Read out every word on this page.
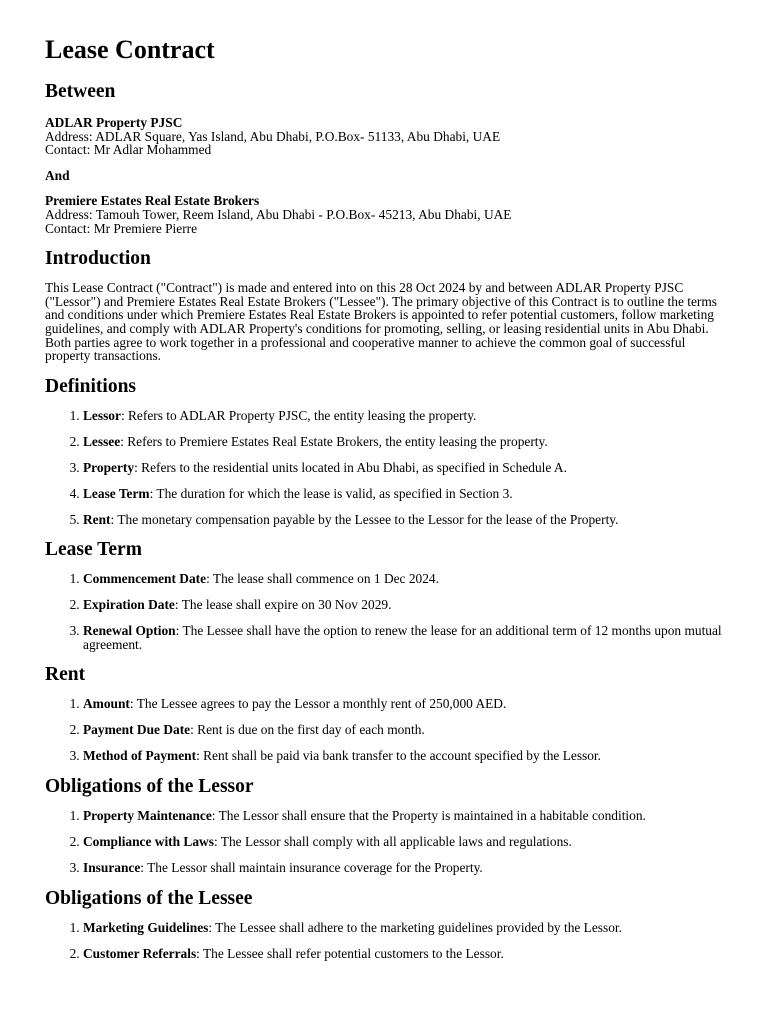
Lease Contract
Between
ADLAR Property PJSC
Address: ADLAR Square, Yas Island, Abu Dhabi, P.O.Box- 51133, Abu Dhabi, UAE
Contact: Mr Adlar Mohammed
And
Premiere Estates Real Estate Brokers
Address: Tamouh Tower, Reem Island, Abu Dhabi - P.O.Box- 45213, Abu Dhabi, UAE
Contact: Mr Premiere Pierre
Introduction

This Lease Contract ("Contract") is made and entered into on this 28 Oct 2024 by and between ADLAR Property PJSC ("Lessor") and Premiere Estates Real Estate Brokers ("Lessee"). The primary objective of this Contract is to outline the terms and conditions under which Premiere Estates Real Estate Brokers is appointed to refer potential customers, follow marketing guidelines, and comply with ADLAR Property's conditions for promoting, selling, or leasing residential units in Abu Dhabi. Both parties agree to work together in a professional and cooperative manner to achieve the common goal of successful property transactions.

Definitions
1. Lessor: Refers to ADLAR Property PJSC, the entity leasing the property.
2. Lessee: Refers to Premiere Estates Real Estate Brokers, the entity leasing the property.
3. Property: Refers to the residential units located in Abu Dhabi, as specified in Schedule A.
4. Lease Term: The duration for which the lease is valid, as specified in Section 3.
5. Rent: The monetary compensation payable by the Lessee to the Lessor for the lease of the Property.
Lease Term
1. Commencement Date: The lease shall commence on 1 Dec 2024.
2. Expiration Date: The lease shall expire on 30 Nov 2029.
3. Renewal Option: The Lessee shall have the option to renew the lease for an additional term of 12 months upon mutual agreement.
Rent
1. Amount: The Lessee agrees to pay the Lessor a monthly rent of 250,000 AED.
2. Payment Due Date: Rent is due on the first day of each month.
3. Method of Payment: Rent shall be paid via bank transfer to the account specified by the Lessor.
Obligations of the Lessor
1. Property Maintenance: The Lessor shall ensure that the Property is maintained in a habitable condition.
2. Compliance with Laws: The Lessor shall comply with all applicable laws and regulations.
3. Insurance: The Lessor shall maintain insurance coverage for the Property.
Obligations of the Lessee
1. Marketing Guidelines: The Lessee shall adhere to the marketing guidelines provided by the Lessor.
2. Customer Referrals: The Lessee shall refer potential customers to the Lessor.
